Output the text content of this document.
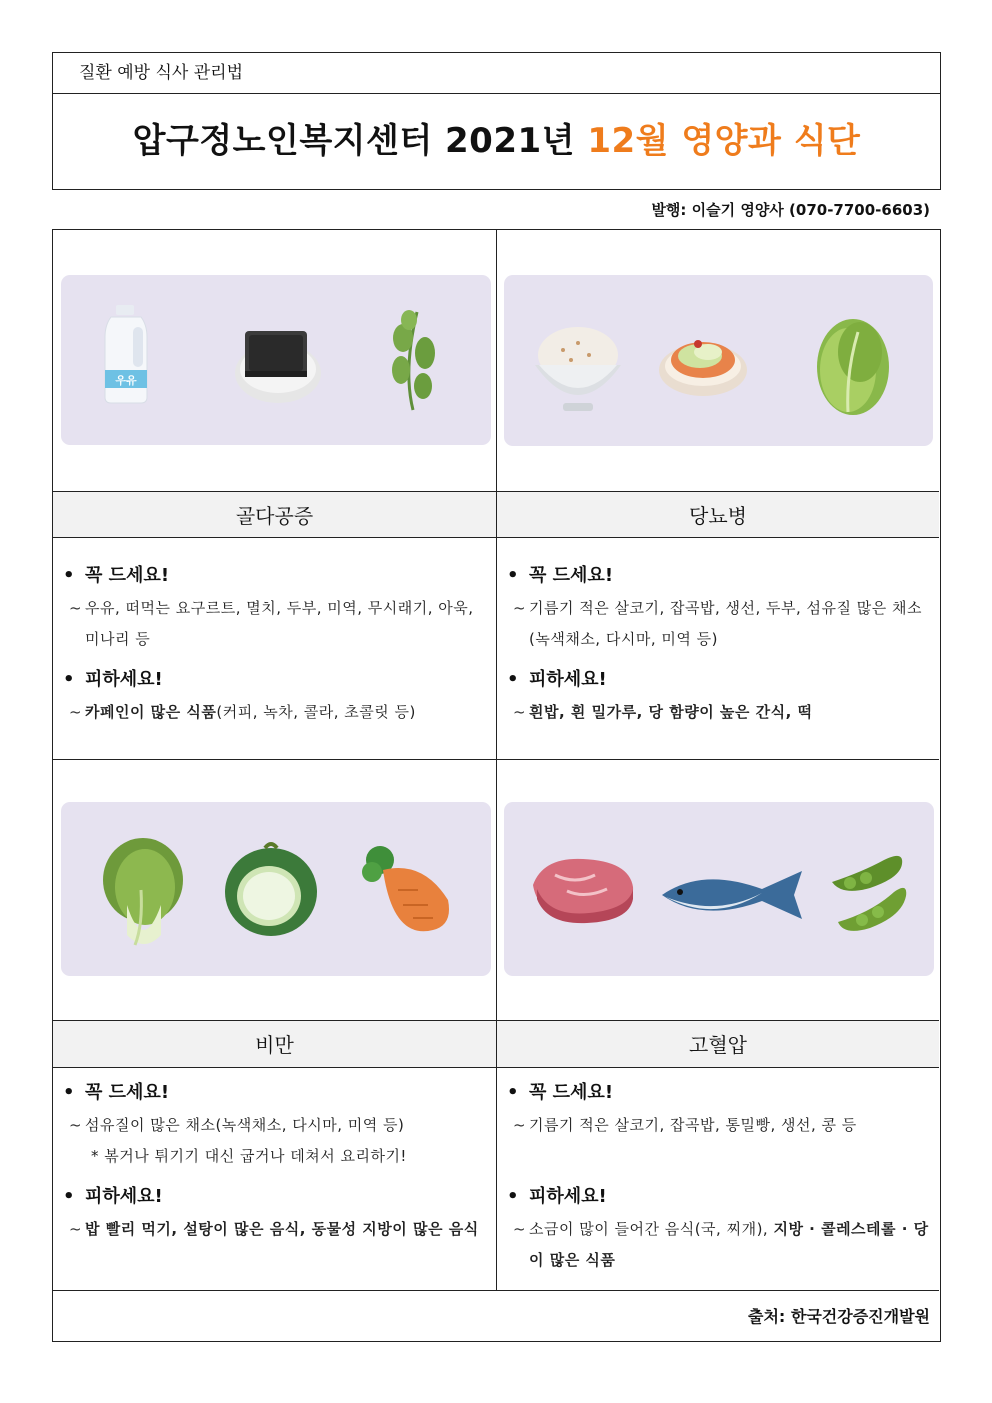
질환 예방 식사 관리법
압구정노인복지센터 2021년 12월 영양과 식단
발행: 이슬기 영양사 (070-7700-6603)
우유
골다공증	당뇨병
비만	고혈압
• 꼭 드세요!
~ 우유, 떠먹는 요구르트, 멸치, 두부, 미역, 무시래기, 아욱, 미나리 등
• 피하세요!
~ 카페인이 많은 식품(커피, 녹차, 콜라, 초콜릿 등)
• 꼭 드세요!
~ 기름기 적은 살코기, 잡곡밥, 생선, 두부, 섬유질 많은 채소(녹색채소, 다시마, 미역 등)
• 피하세요!
~ 흰밥, 흰 밀가루, 당 함량이 높은 간식, 떡
• 꼭 드세요!
~ 섬유질이 많은 채소(녹색채소, 다시마, 미역 등)
* 볶거나 튀기기 대신 굽거나 데쳐서 요리하기!
• 피하세요!
~ 밥 빨리 먹기, 설탕이 많은 음식, 동물성 지방이 많은 음식
• 꼭 드세요!
~ 기름기 적은 살코기, 잡곡밥, 통밀빵, 생선, 콩 등
• 피하세요!
~ 소금이 많이 들어간 음식(국, 찌개), 지방 · 콜레스테롤 · 당이 많은 식품
출처: 한국건강증진개발원
